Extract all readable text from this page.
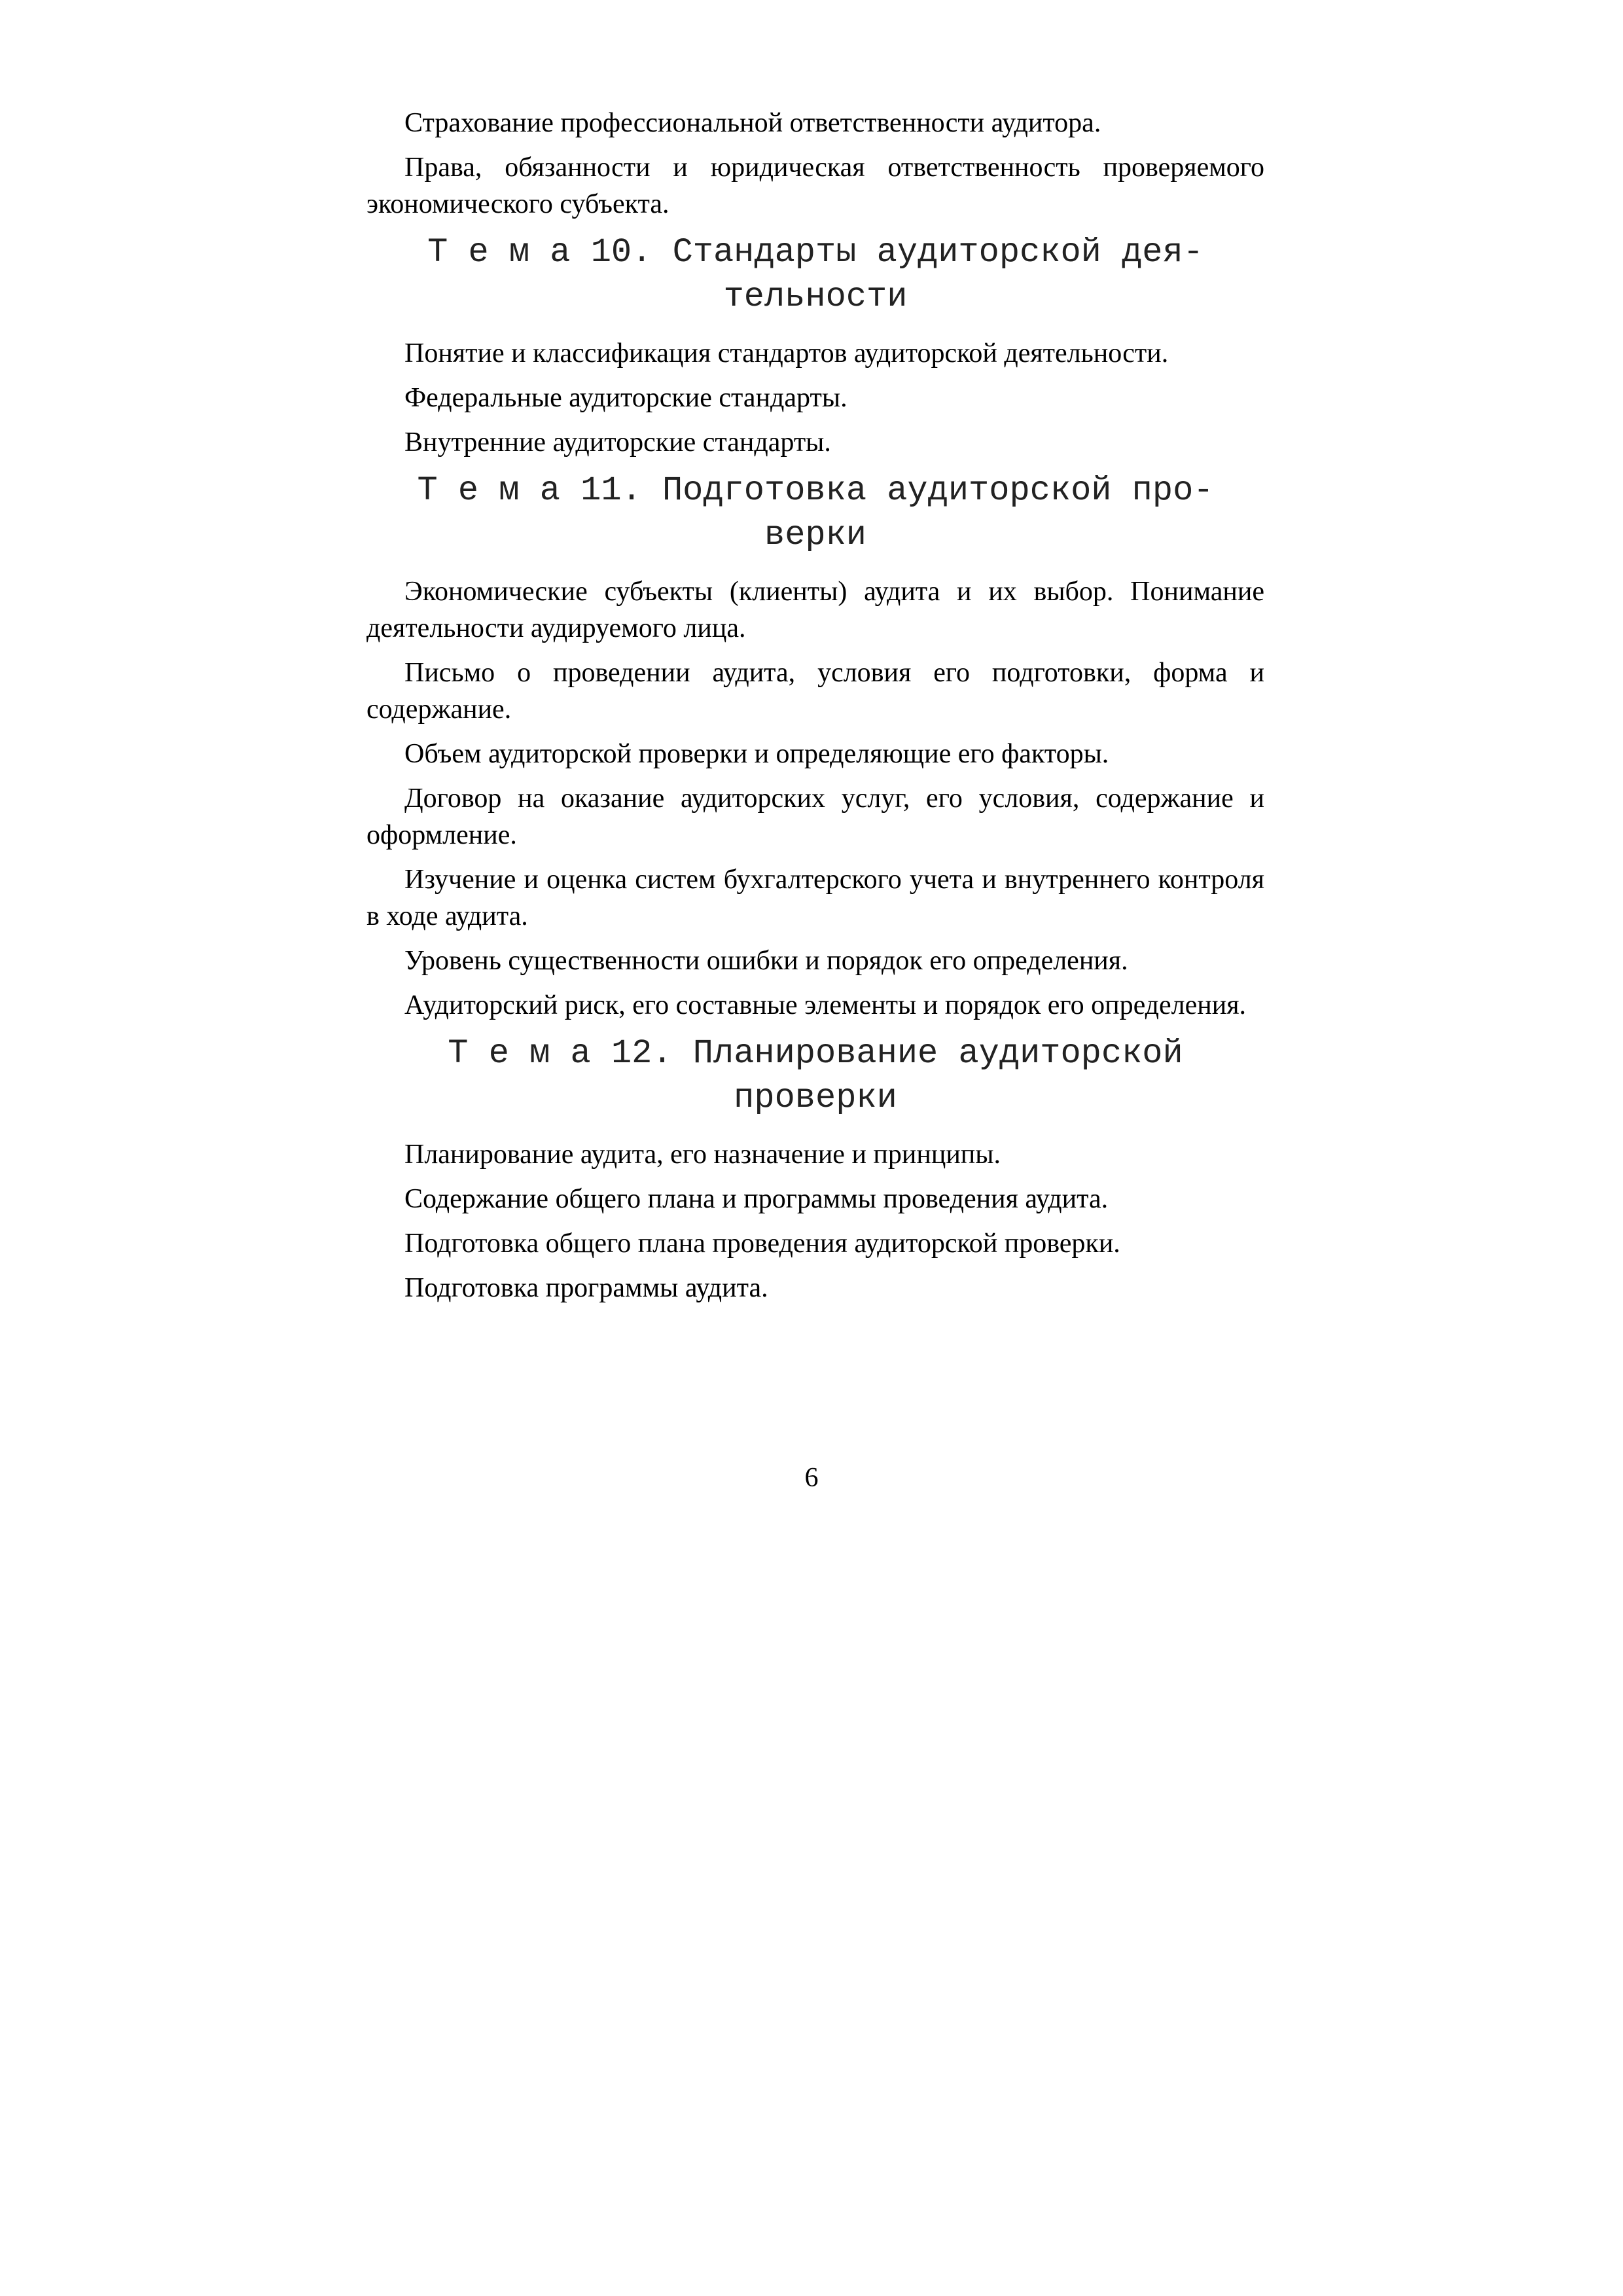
Страхование профессиональной ответственности аудитора.

Права, обязанности и юридическая ответственность проверяемого экономического субъекта.

Т е м а 10. Стандарты аудиторской дея-
тельности

Понятие и классификация стандартов аудиторской деятельности.

Федеральные аудиторские стандарты.

Внутренние аудиторские стандарты.

Т е м а 11. Подготовка аудиторской про-
верки

Экономические субъекты (клиенты) аудита и их выбор. Понимание деятельности аудируемого лица.

Письмо о проведении аудита, условия его подготовки, форма и содержание.

Объем аудиторской проверки и определяющие его факторы.

Договор на оказание аудиторских услуг, его условия, содержание и оформление.

Изучение и оценка систем бухгалтерского учета и внутреннего контроля в ходе аудита.

Уровень существенности ошибки и порядок его определения.

Аудиторский риск, его составные элементы и порядок его определения.

Т е м а 12. Планирование аудиторской
проверки

Планирование аудита, его назначение и принципы.

Содержание общего плана и программы проведения аудита.

Подготовка общего плана проведения аудиторской проверки.

Подготовка программы аудита.

6
